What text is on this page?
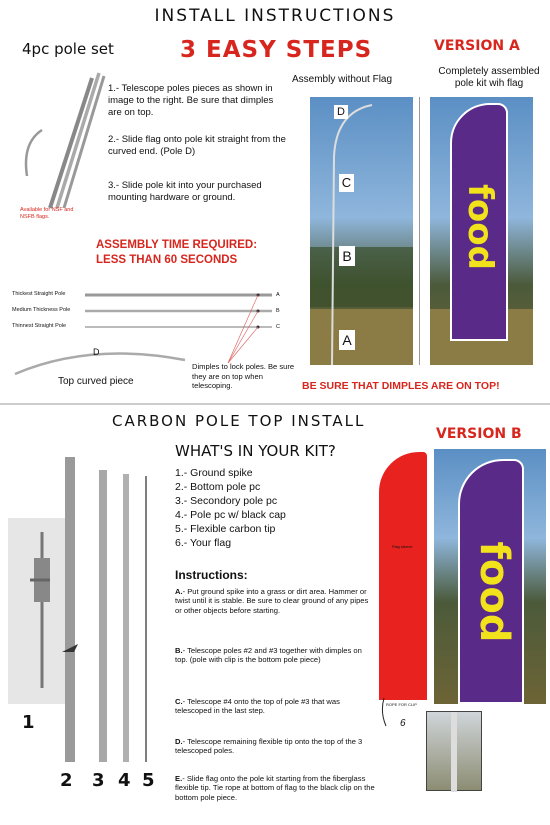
INSTALL INSTRUCTIONS
4pc pole set
Available for NSF and NSFB flags.
3 EASY STEPS	VERSION A
1.- Telescope poles pieces as shown in image to the right. Be sure that dimples are on top.
2.- Slide flag onto pole kit straight from the curved end. (Pole D)
3.- Slide pole kit into your purchased mounting hardware or ground.
ASSEMBLY TIME REQUIRED:
LESS THAN 60 SECONDS
Thickest Straight Pole
Medium Thickness Pole
Thinnest Straight Pole
A
B
C
D
Top curved piece
Dimples to lock poles. Be sure they are on top when telescoping.
Assembly without Flag
Completely assembled pole kit wih flag
D
C
B
A
food
BE SURE THAT DIMPLES ARE ON TOP!
CARBON POLE TOP INSTALL
VERSION B
WHAT'S IN YOUR KIT?
1.- Ground spike
2.- Bottom pole pc
3.- Secondory pole pc
4.- Pole pc w/ black cap
5.- Flexible carbon tip
6.- Your flag
Instructions:
A.- Put ground spike into a grass or dirt area. Hammer or twist until it is stable. Be sure to clear ground of any pipes or other objects before starting.
B.- Telescope poles #2 and #3 together with dimples on top. (pole with clip is the bottom pole piece)
C.- Telescope #4 onto the top of pole #3 that was telescoped in the last step.
D.- Telescope remaining flexible tip onto the top of the 3 telescoped poles.
E.- Slide flag onto the pole kit starting from the fiberglass flexible tip. Tie rope at bottom of flag to the black clip on the bottom pole piece.
1
2 3 4 5
Flag sleeve
ROPE FOR CLIP
6
food
